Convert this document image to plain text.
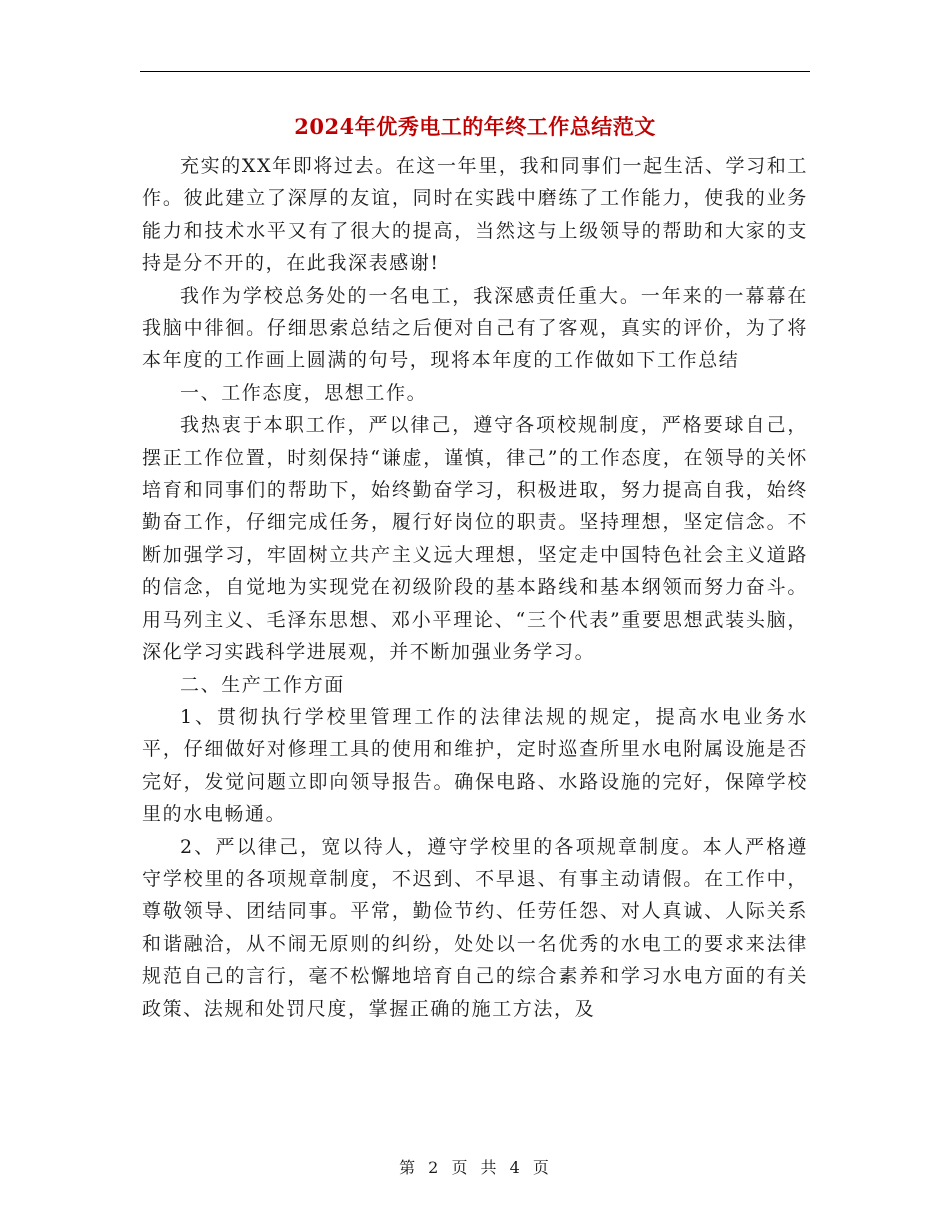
2024年优秀电工的年终工作总结范文

充实的XX年即将过去。在这一年里，我和同事们一起生活、学习和工作。彼此建立了深厚的友谊，同时在实践中磨练了工作能力，使我的业务能力和技术水平又有了很大的提高，当然这与上级领导的帮助和大家的支持是分不开的，在此我深表感谢!

我作为学校总务处的一名电工，我深感责任重大。一年来的一幕幕在我脑中徘徊。仔细思索总结之后便对自己有了客观，真实的评价，为了将本年度的工作画上圆满的句号，现将本年度的工作做如下工作总结

一、工作态度，思想工作。

我热衷于本职工作，严以律己，遵守各项校规制度，严格要球自己，摆正工作位置，时刻保持“谦虚，谨慎，律己”的工作态度，在领导的关怀培育和同事们的帮助下，始终勤奋学习，积极进取，努力提高自我，始终勤奋工作，仔细完成任务，履行好岗位的职责。坚持理想，坚定信念。不断加强学习，牢固树立共产主义远大理想，坚定走中国特色社会主义道路的信念，自觉地为实现党在初级阶段的基本路线和基本纲领而努力奋斗。用马列主义、毛泽东思想、邓小平理论、“三个代表”重要思想武装头脑，深化学习实践科学进展观，并不断加强业务学习。

二、生产工作方面

1、贯彻执行学校里管理工作的法律法规的规定，提高水电业务水平，仔细做好对修理工具的使用和维护，定时巡查所里水电附属设施是否完好，发觉问题立即向领导报告。确保电路、水路设施的完好，保障学校里的水电畅通。

2、严以律己，宽以待人，遵守学校里的各项规章制度。本人严格遵守学校里的各项规章制度，不迟到、不早退、有事主动请假。在工作中，尊敬领导、团结同事。平常，勤俭节约、任劳任怨、对人真诚、人际关系和谐融洽，从不闹无原则的纠纷，处处以一名优秀的水电工的要求来法律规范自己的言行，毫不松懈地培育自己的综合素养和学习水电方面的有关政策、法规和处罚尺度，掌握正确的施工方法，及

第 2 页 共 4 页
